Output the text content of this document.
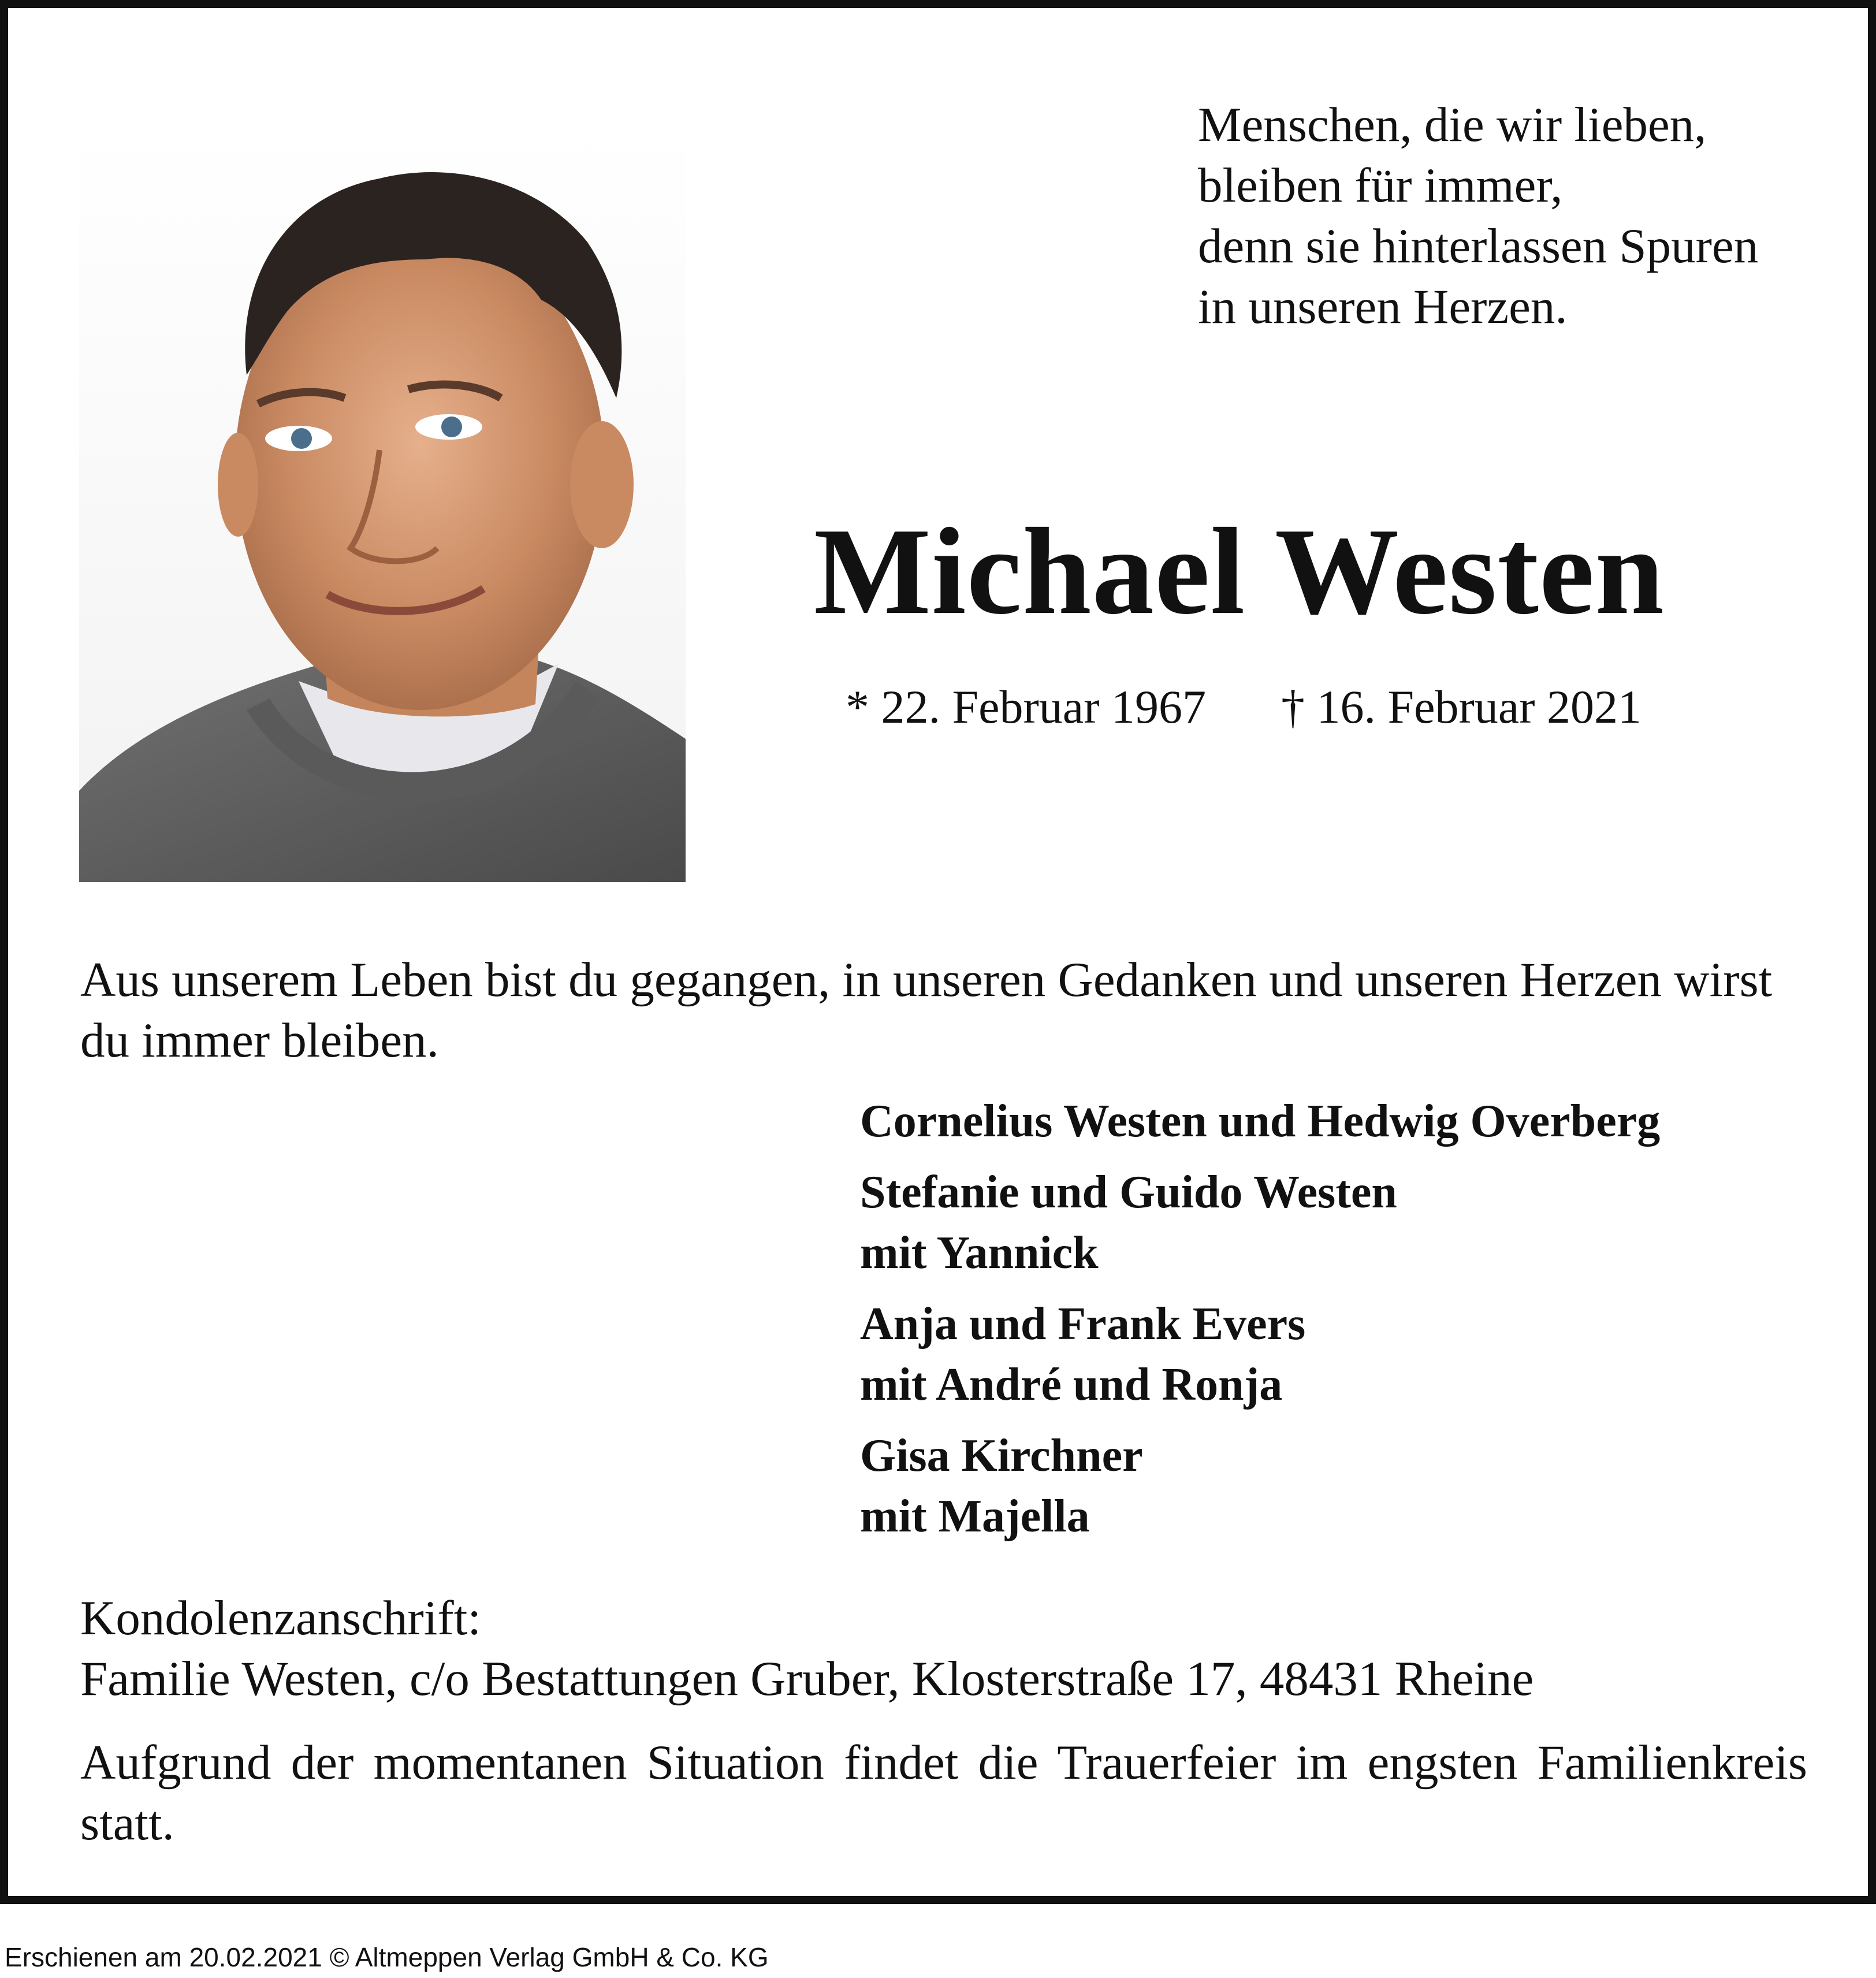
Menschen, die wir lieben,
bleiben für immer,
denn sie hinterlassen Spuren
in unseren Herzen.
Michael Westen
* 22. Februar 1967 † 16. Februar 2021
Aus unserem Leben bist du gegangen, in unseren Gedanken und unseren Herzen wirst du immer bleiben.
Cornelius Westen und Hedwig Overberg
Stefanie und Guido Westen
mit Yannick
Anja und Frank Evers
mit André und Ronja
Gisa Kirchner
mit Majella
Kondolenzanschrift:
Familie Westen, c/o Bestattungen Gruber, Klosterstraße 17, 48431 Rheine
Aufgrund der momentanen Situation findet die Trauerfeier im engsten Familienkreis statt.
Erschienen am 20.02.2021 © Altmeppen Verlag GmbH & Co. KG
